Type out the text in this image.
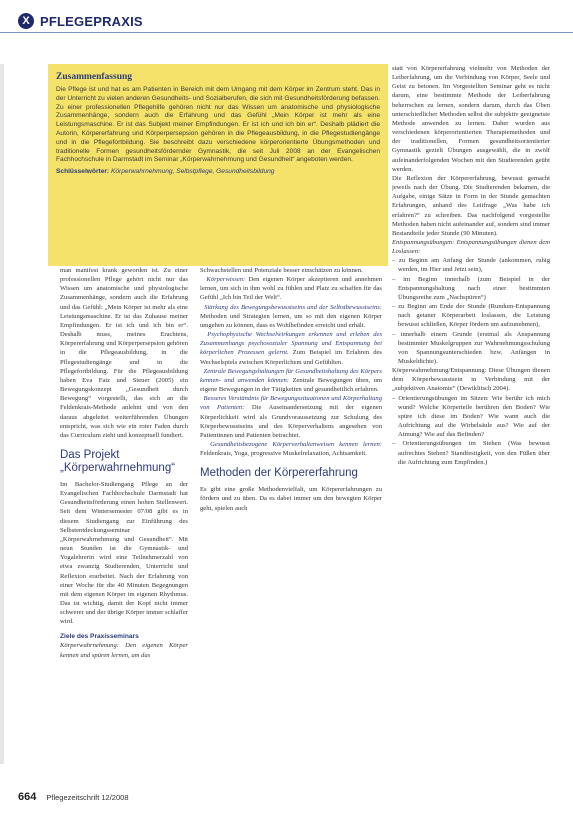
X PFLEGEPRAXIS
Zusammenfassung
Die Pflege ist und hat es am Patienten in Bereich mit dem Umgang mit dem Körper im Zentrum steht. Das in der Unterricht zu vielen anderen Gesundheits- und Sozialberufen, die sich mit Gesundheitsförderung befassen. Zu einer professionellen Pflegehilfe gehören nicht nur das Wissen um anatomische und physiologische Zusammenhänge, sondern auch die Erfahrung und das Gefühl „Mein Körper ist mehr als eine Leistungsmaschine. Er ist das Subjekt meiner Empfindungen. Er ist ich und ich bin er“. Deshalb plädiert die Autorin, Körpererfahrung und Körperpersepsion gehören in die Pflegeausbildung, in die Pflegestudiengänge und in die Pflegefortbildung. Sie beschreibt dazu verschiedene körperorientierte Übungsmethoden und traditionelle Formen gesundheitsfördernder Gymnastik, die seit Juli 2008 an der Evangelischen Fachhochschule in Darmstadt im Seminar „Körperwahrnehmung und Gesundheit“ angeboten werden.
Schlüsselwörter: Körperwahrnehmung, Selbstpflege, Gesundheitsbildung

man manifest krank geworden ist. Zu einer professionellen Pflege gehört nicht nur das Wissen um anatomische und physiologische Zusammenhänge, sondern auch die Erfahrung und das Gefühl: „Mein Körper ist mehr als eine Leistungsmaschine. Er ist das Zuhause meiner Empfindungen. Er ist ich und ich bin er“. Deshalb muss, meines Erachtens, Körpererfahrung und Körperpersepsion gehören in die Pflegeausbildung, in die Pflegestudiengänge und in die Pflegefortbildung. Für die Pflegeausbildung haben Eva Fatz und Steuer (2005) ein Bewegungskonzept „Gesundheit durch Bewegung“ vorgestellt, das sich an die Feldenkrais-Methode anlehnt und von den daraus abgeleitet weiterführenden Übungen entspricht, was sich wie ein roter Faden durch das Curriculum zieht und konzeptuell fundiert.

Das Projekt „Körperwahrnehmung“

Im Bachelor-Studiengang Pflege an der Evangelischen Fachhochschule Darmstadt hat Gesundheitsförderung einen hohen Stellenwert. Seit dem Wintersemester 07/08 gibt es in diesem Studiengang zur Einführung des Selbstentdeckungsseminar „Körperwahrnehmung und Gesundheit“. Mit neun Stunden ist die Gymnastik- und Yogalehrerin wird eine Teilnehmerzahl von etwa zwanzig Studierenden, Unterricht und Reflexion erarbeitet. Nach der Erfahrung von einer Woche für die 40 Minuten Begegnungen mit dem eigenen Körper im eigenen Rhythmus. Das ist wichtig, damit der Kopf nicht immer schwerer und der übrige Körper immer schlaffer wird.

Ziele des Praxisseminars

Körperwahrnehmung: Den eigenen Körper kennen und spüren lernen, um das

Schwachstellen und Potenziale besser einschätzen zu können.

Körperwissen: Den eigenen Körper akzeptieren und annehmen lernen, um sich in ihm wohl zu fühlen und Platz zu schaffen für das Gefühl „Ich bin Teil der Welt“.

Stärkung des Bewegungsbewusstseins und der Selbstbewusstseins: Methoden und Strategien lernen, um so mit den eigenen Körper umgehen zu können, dass es Wohlbefinden erreicht und erhält.

Psychophysische Wechselwirkungen erkennen und erleben des Zusammenhangs psychosozialer Spannung und Entspannung bei körperlichen Prozessen gelernt. Zum Beispiel im Erfahren des Wechselspiels zwischen Körperlichem und Gefühlten.

Zentrale Bewegungshaltungen für Gesundheitshaltung des Körpers kennen- und anwenden können: Zentrale Bewegungen üben, um eigene Bewegungen in der Tätigkeiten und gesundheitlich erfahren.

Besseres Verständnis für Bewegungssituationen und Körperhaltung von Patienten: Die Auseinandersetzung mit der eigenen Körperlichkeit wird als Grundvoraussetzung zur Schulung des Körperbewusstseins und des Körperverhaltens angesehen von Patientinnen und Patienten betrachtet.

Gesundheitsbezogene Körperverhaltenweisen kennen lernen: Feldenkrais, Yoga, progressive Muskelrelaxation, Achtsamkeit.

Methoden der Körpererfahrung

Es gibt eine große Methodenvielfalt, um Körpererfahrungen zu fördern und zu üben. Da es dabei immer um den bewegten Körper geht, spielen auch

statt von Körpererfahrung vielmehr von Methoden der Leiberfahrung, um die Verbindung von Körper, Seele und Geist zu betonen. Im Vorgestellten Seminar geht es nicht darum, eine bestimmte Methode der Leiberfahrung beherrschen zu lernen, sondern darum, durch das Üben unterschiedlicher Methoden selbst die subjektiv geeignetste Methode anwenden zu lernen. Daher wurden aus verschiedenen körperorientierten Therapiemethoden und der traditionellen, Formen gesundheitsorientierter Gymnastik gezielt Übungen ausgewählt, die in zwölf aufeinanderfolgenden Wochen mit den Studierenden geübt werden.

Die Reflexion der Körpererfahrung, bewusst gemacht jeweils nach der Übung. Die Studierenden bekamen, die Aufgabe, einige Sätze in Form in der Stunde gemachten Erfahrungen, anhand des Leitfrage „Was habe ich erfahren?“ zu schreiben. Das nachfolgend vorgestellte Methoden haben nicht aufeinander auf, sondern sind immer Bestandteile jeder Stunde (90 Minuten).

Entspannungsübungen: Entspannungsübungen dienen dem Loslassen:

– zu Beginn am Anfang der Stunde (ankommen, ruhig werden, im Hier und Jetzt sein),
– im Beginn innerhalb (zum Beispiel in der Entspannungshaltung nach einer bestimmten Übungsreihe zum „Nachspüren“)
– zu Beginn am Ende der Stunde (Rundum-Entspannung nach getaner Körperarbeit loslassen, die Leistung bewusst schließen, Körper fördern um aufzunehmen),
– innerhalb einem Grunde (erstmal als Anspannung bestimmter Muskelgruppen zur Wahrnehmungsschulung von Spannungsunterschieden bzw. Anfängen in Muskeldichte).

Körperwahrnehmung/Entspannung: Diese Übungen dienen dem Körperbewusstsein in Verbindung mit der „subjektiven Anatomie“ (Dewiklitsch 2004).

– Orientierungsübungen im Sitzen: Wie berühr ich mich wund? Welche Körperteile berühren den Boden? Wie spüre ich diese im Boden? Wie wann auch die Aufrichtung auf die Wirbelsäule aus? Wie auf der Atmung? Wie auf das Befinden?
– Orientierungsübungen im Stehen (Was bewusst aufrechtes Stehen? Standfestigkeit, von den Füßen über die Aufrichtung zum Empfinden.)
664 Pflegezeitschrift 12/2008
